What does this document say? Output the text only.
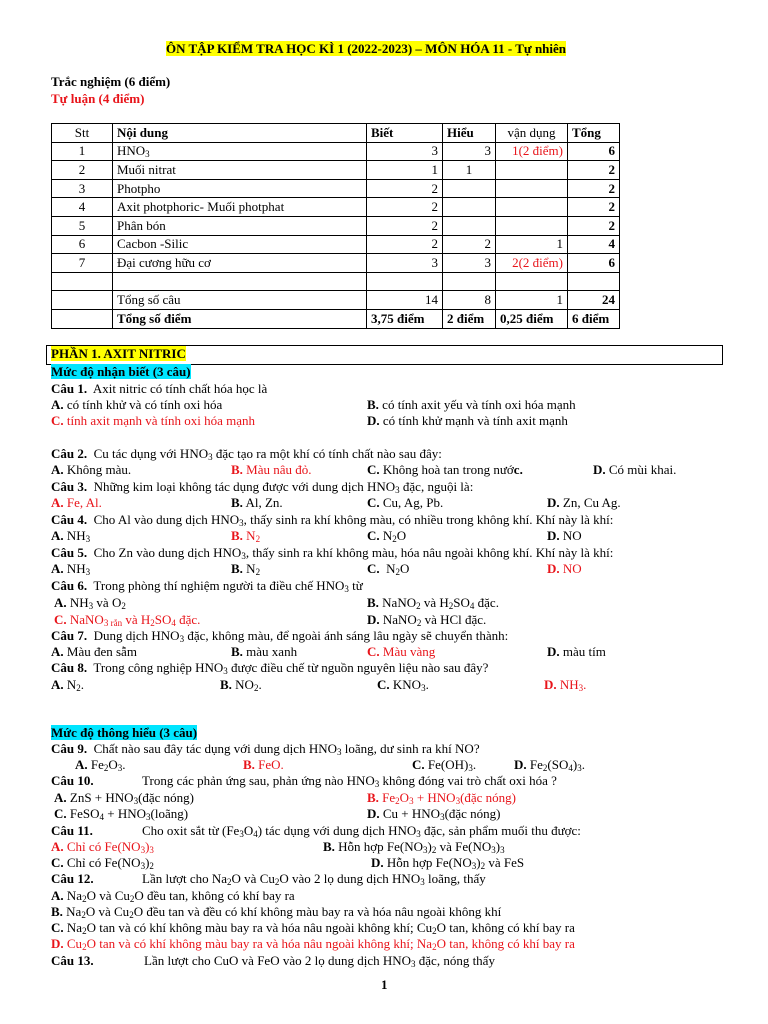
ÔN TẬP KIỂM TRA HỌC KÌ 1 (2022-2023) – MÔN HÓA 11 - Tự nhiên
Trắc nghiệm (6 điểm)
Tự luận (4 điểm)
Stt	Nội dung	Biết	Hiểu	vận dụng	Tổng
1	$HNO_3$	3	3	1(2 điểm)	6
2	Muối nitrat	1	1		2
3	Photpho	2			2
4	Axit photphoric- Muối photphat	2			2
5	Phân bón	2			2
6	Cacbon -Silic	2	2	1	4
7	Đại cương hữu cơ	3	3	2(2 điểm)	6

	Tổng số câu	14	8	1	24
	Tổng số điểm	3,75 điểm	2 điểm	0,25 điểm	6 điểm
PHẦN 1. AXIT NITRIC
Mức độ nhận biết (3 câu)
Câu 1. Axit nitric có tính chất hóa học là
A. có tính khử và có tính oxi hóa	B. có tính axit yếu và tính oxi hóa mạnh
C. tính axit mạnh và tính oxi hóa mạnh	D. có tính khử mạnh và tính axit mạnh
Câu 2. Cu tác dụng với $HNO_3$ đặc tạo ra một khí có tính chất nào sau đây:
A. Không màu.	B. Màu nâu đỏ.	C. Không hoà tan trong nước.	D. Có mùi khai.
Câu 3. Những kim loại không tác dụng được với dung dịch $HNO_3$ đặc, nguội là:
A. Fe, Al.	B. Al, Zn.	C. Cu, Ag, Pb.	D. Zn, Cu Ag.
Câu 4. Cho Al vào dung dịch $HNO_3$, thấy sinh ra khí không màu, có nhiều trong không khí. Khí này là khí:
A. $NH_3$	B. $N_2$	C. $N_2O$	D. NO
Câu 5. Cho Zn vào dung dịch $HNO_3$, thấy sinh ra khí không màu, hóa nâu ngoài không khí. Khí này là khí:
A. $NH_3$	B. $N_2$	C. $N_2O$	D. NO
Câu 6. Trong phòng thí nghiệm người ta điều chế $HNO_3$ từ
A. $NH_3$ và $O_2$	B. NaNO$_2$ và $H_2SO_4$ đặc.
C. NaNO$_{3 rắn}$ và $H_2SO_4$ đặc.	D. NaNO$_2$ và HCl đặc.
Câu 7. Dung dịch $HNO_3$ đặc, không màu, để ngoài ánh sáng lâu ngày sẽ chuyển thành:
A. Màu đen sẫm	B. màu xanh	C. Màu vàng	D. màu tím
Câu 8. Trong công nghiệp $HNO_3$ được điều chế từ nguồn nguyên liệu nào sau đây?
A. $N_2$.	B. $NO_2$.	C. $KNO_3$.	D. $NH_3$.
Mức độ thông hiểu (3 câu)
Câu 9. Chất nào sau đây tác dụng với dung dịch $HNO_3$ loãng, dư sinh ra khí NO?
A. $Fe_2O_3$.	B. FeO.	C. $Fe(OH)_3$.	D. $Fe_2(SO_4)_3$.
Câu 10.	Trong các phản ứng sau, phản ứng nào $HNO_3$ không đóng vai trò chất oxi hóa ?
A. ZnS + $HNO_3(đặc$ nóng)	B. $Fe_2O_3$ + $HNO_3(đặc$ nóng)
C. FeSO$_4$ + $HNO_3(loãng)$	D. $Cu + HNO_3(đặc$ nóng)
Câu 11.	Cho oxit sắt từ $(Fe_3O_4)$ tác dụng với dung dịch $HNO_3$ đặc, sản phẩm muối thu được:
A. Chỉ có $Fe(NO_3)_3$	B. Hỗn hợp $Fe(NO_3)_2$ và $Fe(NO_3)_3$
C. Chỉ có $Fe(NO_3)_2$	D. Hỗn hợp $Fe(NO_3)_2$ và FeS
Câu 12.	Lần lượt cho $Na_2O$ và $Cu_2O$ vào 2 lọ dung dịch $HNO_3$ loãng, thấy
A. $Na_2O$ và $Cu_2O$ đều tan, không có khí bay ra
B. $Na_2O$ và $Cu_2O$ đều tan và đều có khí không màu bay ra và hóa nâu ngoài không khí
C. $Na_2O$ tan và có khí không màu bay ra và hóa nâu ngoài không khí; $Cu_2O$ tan, không có khí bay ra
D. $Cu_2O$ tan và có khí không màu bay ra và hóa nâu ngoài không khí; $Na_2O$ tan, không có khí bay ra
Câu 13.	Lần lượt cho CuO và FeO vào 2 lọ dung dịch $HNO_3$ đặc, nóng thấy
1
